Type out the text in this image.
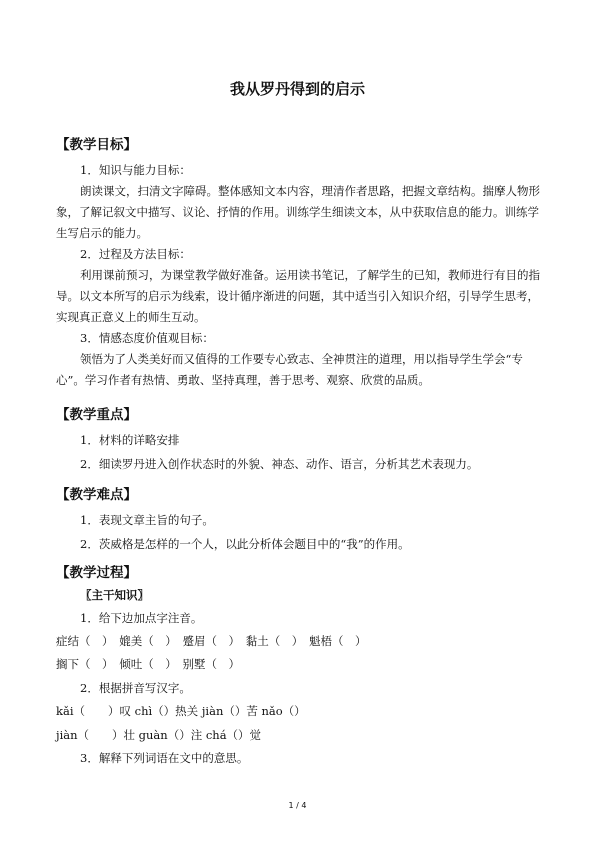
我从罗丹得到的启示
【教学目标】
1．知识与能力目标：
朗读课文，扫清文字障碍。整体感知文本内容，理清作者思路，把握文章结构。揣摩人物形象，了解记叙文中描写、议论、抒情的作用。训练学生细读文本，从中获取信息的能力。训练学生写启示的能力。
2．过程及方法目标：
利用课前预习，为课堂教学做好准备。运用读书笔记，了解学生的已知，教师进行有目的指导。以文本所写的启示为线索，设计循序渐进的问题，其中适当引入知识介绍，引导学生思考，实现真正意义上的师生互动。
3．情感态度价值观目标：
领悟为了人类美好而又值得的工作要专心致志、全神贯注的道理，用以指导学生学会“专心”。学习作者有热情、勇敢、坚持真理，善于思考、观察、欣赏的品质。
【教学重点】
1．材料的详略安排
2．细读罗丹进入创作状态时的外貌、神态、动作、语言，分析其艺术表现力。
【教学难点】
1．表现文章主旨的句子。
2．茨威格是怎样的一个人，以此分析体会题目中的“我”的作用。
【教学过程】
〖主干知识〗
1．给下边加点字注音。
症结（　）　媲美（　）　蹙眉（　）　黏土（　）　魁梧（　）
搁下（　）　倾吐（　）　别墅（　）
2．根据拼音写汉字。
kǎi（　　）叹 chì（）热关 jiàn（）苦 nǎo（）
jiàn（　　）壮 guàn（）注 chá（）觉
3．解释下列词语在文中的意思。
1 / 4
